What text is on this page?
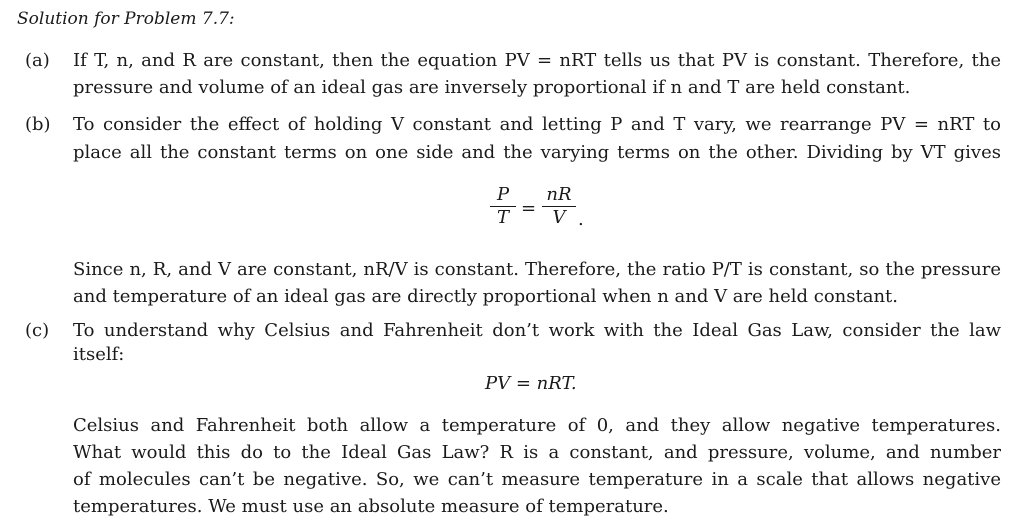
Solution for Problem 7.7:
(a) If T, n, and R are constant, then the equation PV = nRT tells us that PV is constant. Therefore, the
pressure and volume of an ideal gas are inversely proportional if n and T are held constant.
(b) To consider the effect of holding V constant and letting P and T vary, we rearrange PV = nRT to
place all the constant terms on one side and the varying terms on the other. Dividing by VT gives
P
T =
nR
V .
Since n, R, and V are constant, nR/V is constant. Therefore, the ratio P/T is constant, so the pressure
and temperature of an ideal gas are directly proportional when n and V are held constant.
(c) To understand why Celsius and Fahrenheit don’t work with the Ideal Gas Law, consider the law
itself:
PV = nRT.
Celsius and Fahrenheit both allow a temperature of 0, and they allow negative temperatures.
What would this do to the Ideal Gas Law? R is a constant, and pressure, volume, and number
of molecules can’t be negative. So, we can’t measure temperature in a scale that allows negative
temperatures. We must use an absolute measure of temperature.
